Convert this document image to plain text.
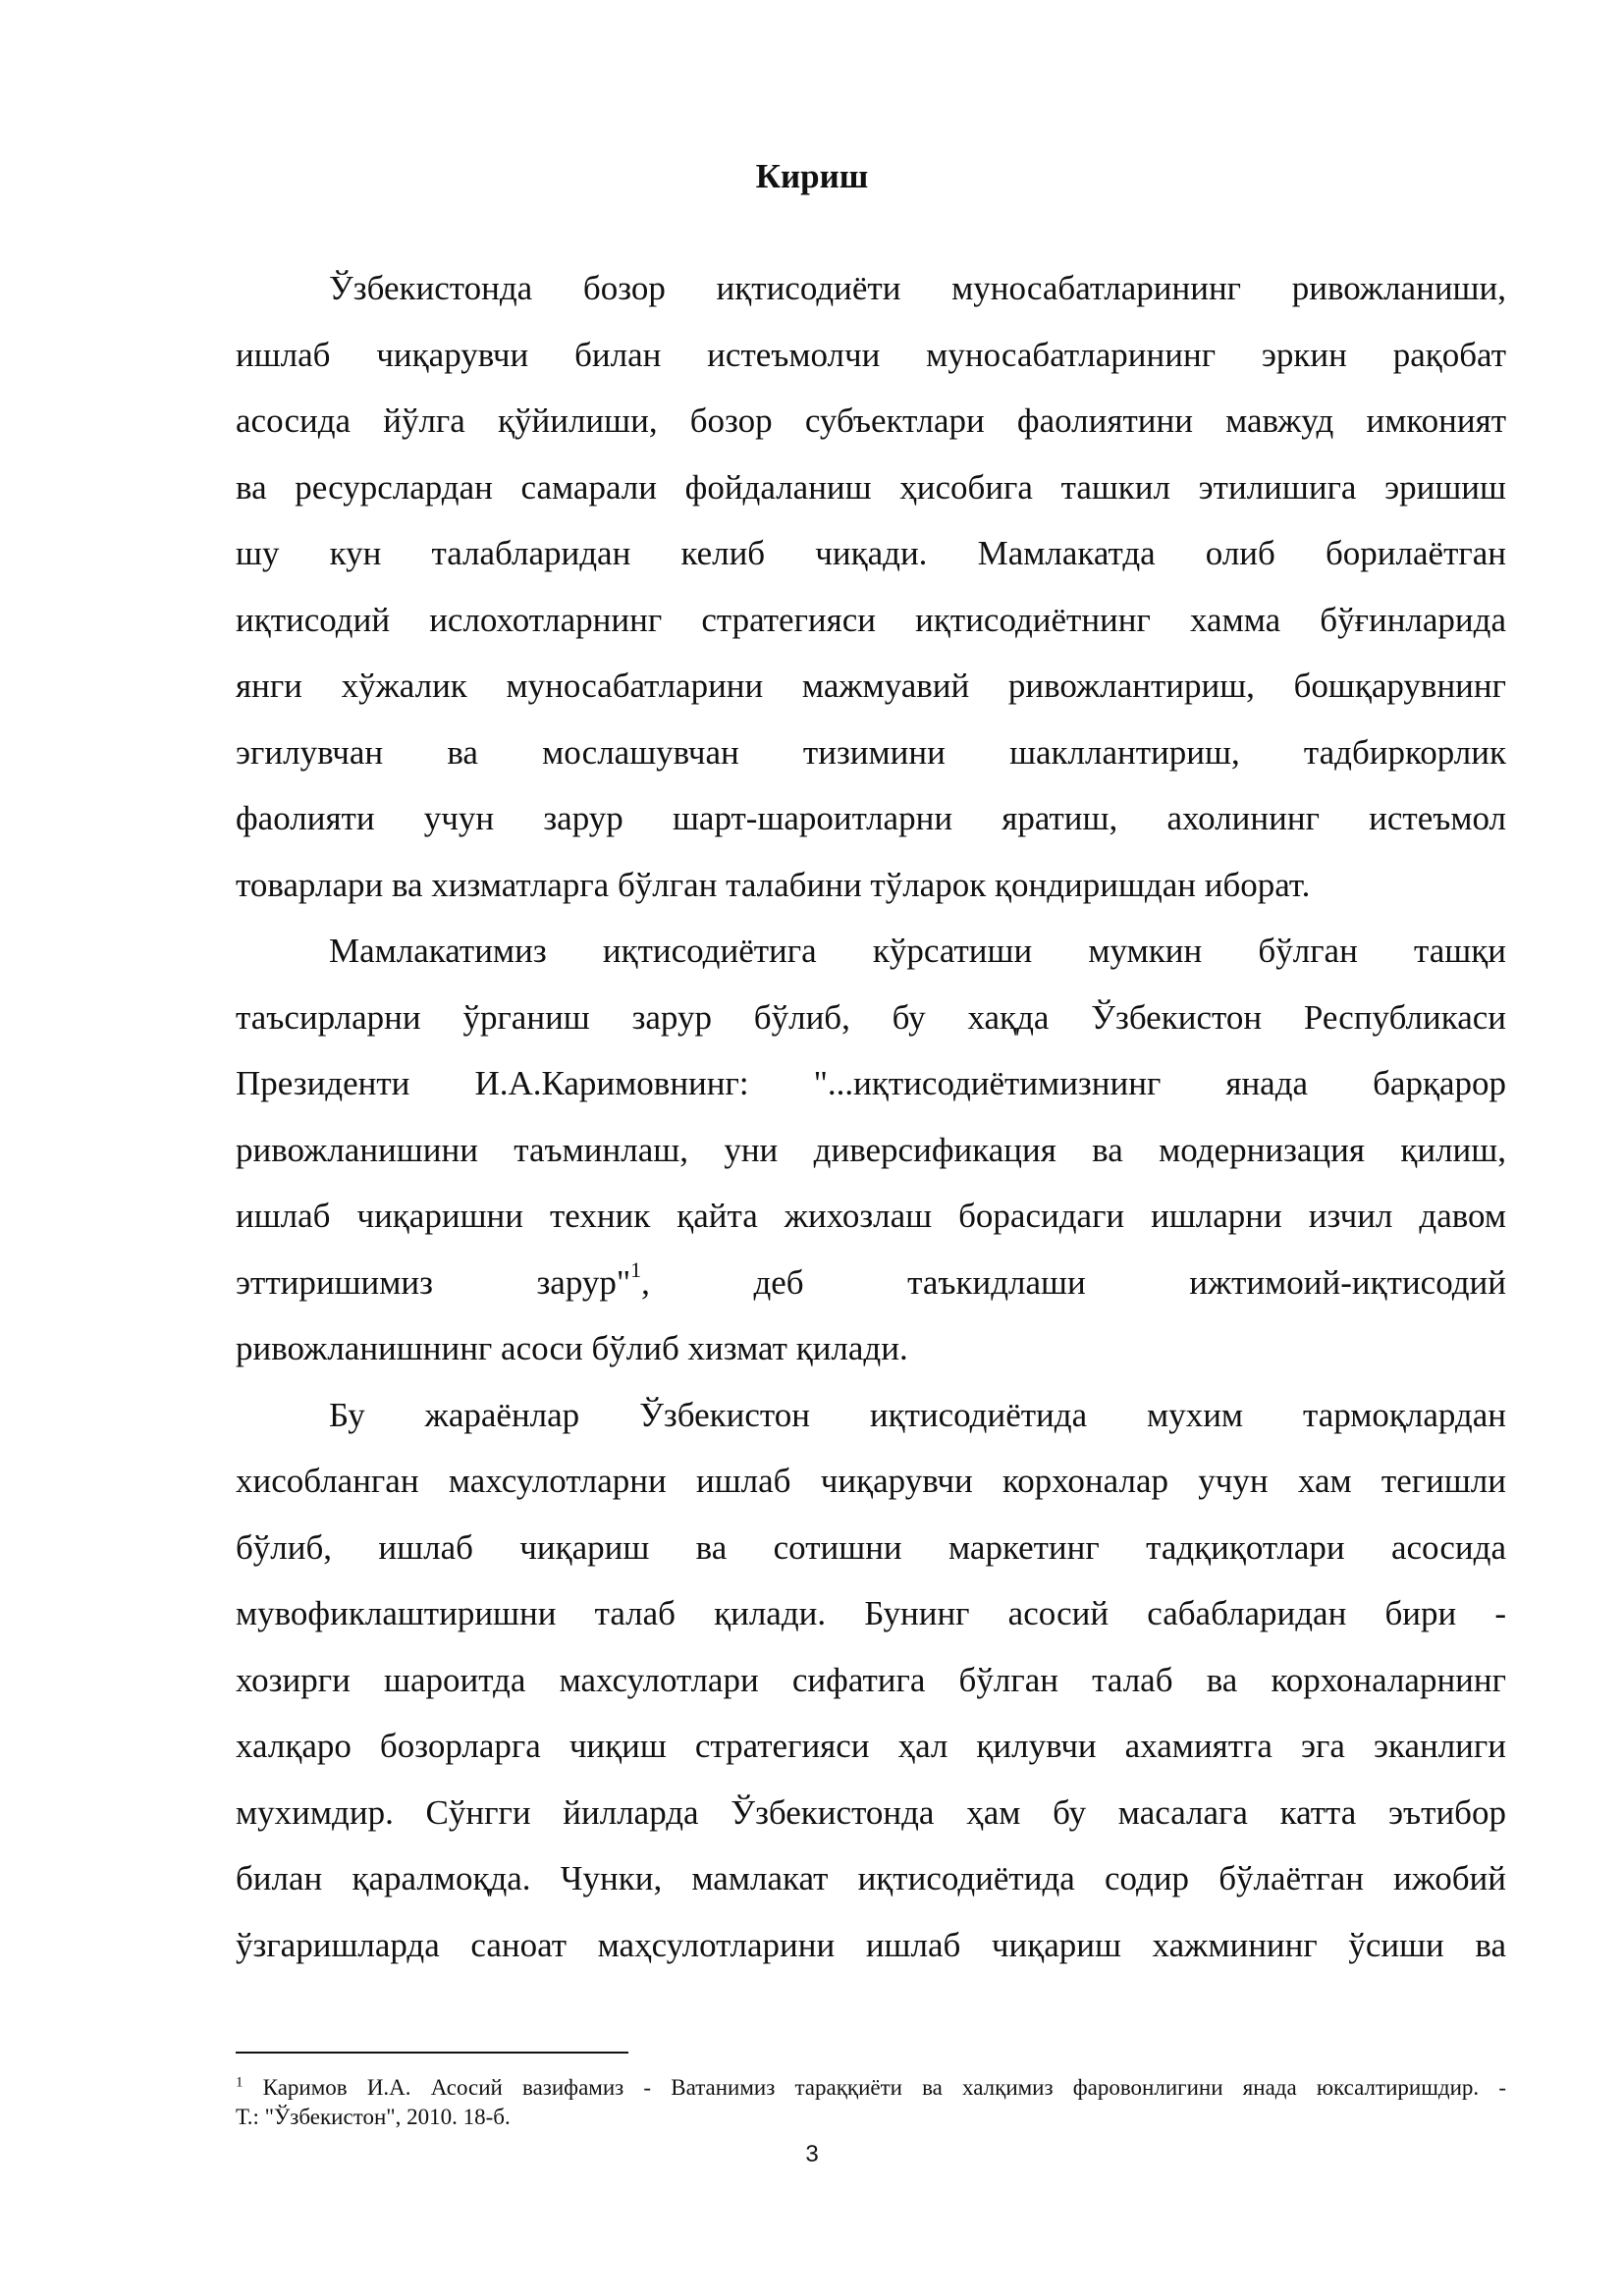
Кириш
Ўзбекистонда бозор иқтисодиёти муносабатларининг ривожланиши,
ишлаб чиқарувчи билан истеъмолчи муносабатларининг эркин рақобат
асосида йўлга қўйилиши, бозор субъектлари фаолиятини мавжуд имконият
ва ресурслардан самарали фойдаланиш ҳисобига ташкил этилишига эришиш
шу кун талабларидан келиб чиқади. Мамлакатда олиб борилаётган
иқтисодий ислохотларнинг стратегияси иқтисодиётнинг хамма бўғинларида
янги хўжалик муносабатларини мажмуавий ривожлантириш, бошқарувнинг
эгилувчан ва мослашувчан тизимини шакллантириш, тадбиркорлик
фаолияти учун зарур шарт-шароитларни яратиш, ахолининг истеъмол
товарлари ва хизматларга бўлган талабини тўларок қондиришдан иборат.
Мамлакатимиз иқтисодиётига кўрсатиши мумкин бўлган ташқи
таъсирларни ўрганиш зарур бўлиб, бу хақда Ўзбекистон Республикаси
Президенти И.А.Каримовнинг: "...иқтисодиётимизнинг янада барқарор
ривожланишини таъминлаш, уни диверсификация ва модернизация қилиш,
ишлаб чиқаришни техник қайта жихозлаш борасидаги ишларни изчил давом
эттиришимиз зарур"$^1$, деб таъкидлаши ижтимоий-иқтисодий
ривожланишнинг асоси бўлиб хизмат қилади.
Бу жараёнлар Ўзбекистон иқтисодиётида мухим тармоқлардан
хисобланган махсулотларни ишлаб чиқарувчи корхоналар учун хам тегишли
бўлиб, ишлаб чиқариш ва сотишни маркетинг тадқиқотлари асосида
мувофиклаштиришни талаб қилади. Бунинг асосий сабабларидан бири -
хозирги шароитда махсулотлари сифатига бўлган талаб ва корхоналарнинг
халқаро бозорларга чиқиш стратегияси ҳал қилувчи ахамиятга эга эканлиги
мухимдир. Сўнгги йилларда Ўзбекистонда ҳам бу масалага катта эътибор
билан қаралмоқда. Чунки, мамлакат иқтисодиётида содир бўлаётган ижобий
ўзгаришларда саноат маҳсулотларини ишлаб чиқариш хажмининг ўсиши ва
$^1$ Каримов И.А. Асосий вазифамиз - Ватанимиз тараққиёти ва халқимиз фаровонлигини янада юксалтиришдир. -
Т.: "Ўзбекистон", 2010. 18-б.
3
